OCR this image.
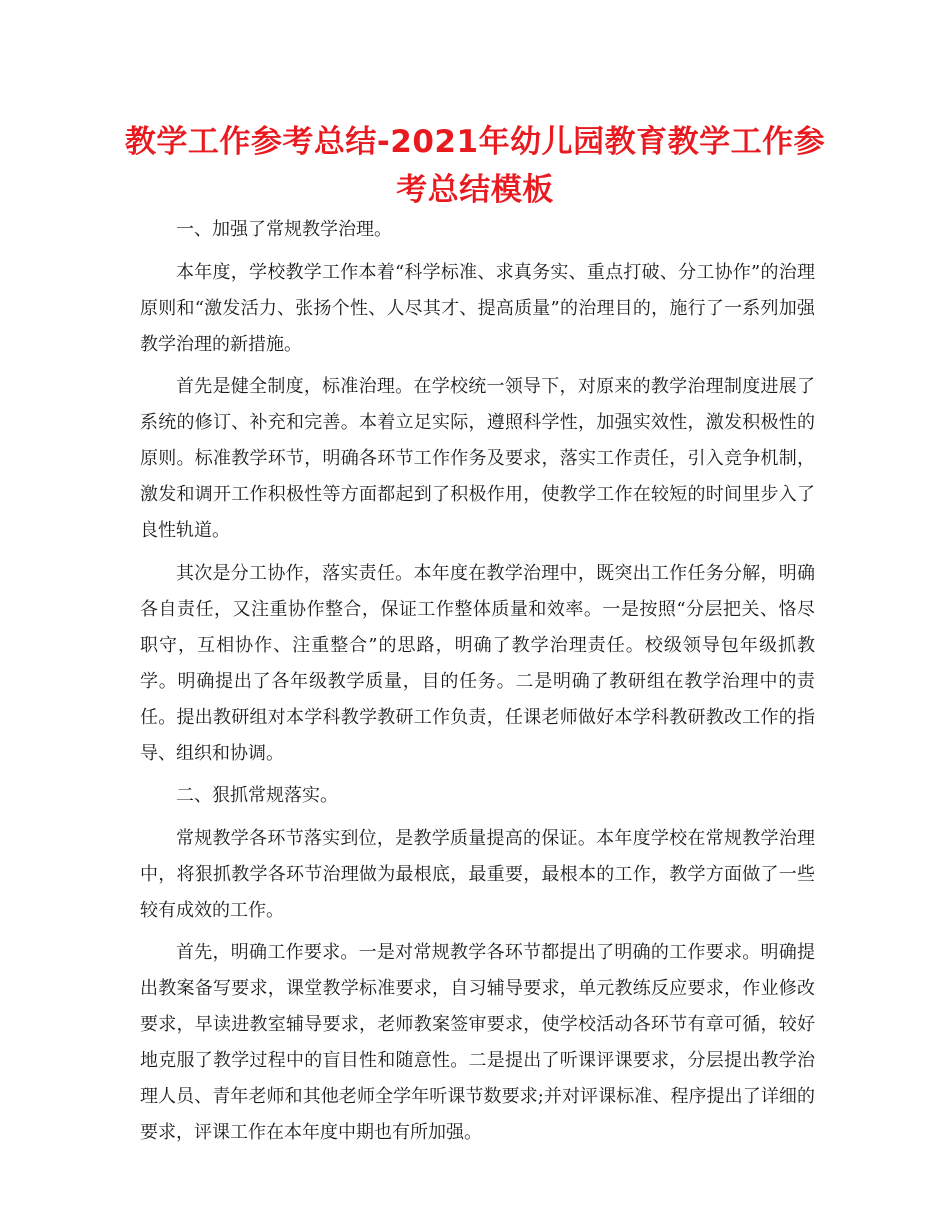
教学工作参考总结-2021年幼儿园教育教学工作参考总结模板

一、加强了常规教学治理。

本年度，学校教学工作本着“科学标准、求真务实、重点打破、分工协作”的治理原则和“激发活力、张扬个性、人尽其才、提高质量”的治理目的，施行了一系列加强教学治理的新措施。

首先是健全制度，标准治理。在学校统一领导下，对原来的教学治理制度进展了系统的修订、补充和完善。本着立足实际，遵照科学性，加强实效性，激发积极性的原则。标准教学环节，明确各环节工作作务及要求，落实工作责任，引入竞争机制，激发和调开工作积极性等方面都起到了积极作用，使教学工作在较短的时间里步入了良性轨道。

其次是分工协作，落实责任。本年度在教学治理中，既突出工作任务分解，明确各自责任，又注重协作整合，保证工作整体质量和效率。一是按照“分层把关、恪尽职守，互相协作、注重整合”的思路，明确了教学治理责任。校级领导包年级抓教学。明确提出了各年级教学质量，目的任务。二是明确了教研组在教学治理中的责任。提出教研组对本学科教学教研工作负责，任课老师做好本学科教研教改工作的指导、组织和协调。

二、狠抓常规落实。

常规教学各环节落实到位，是教学质量提高的保证。本年度学校在常规教学治理中，将狠抓教学各环节治理做为最根底，最重要，最根本的工作，教学方面做了一些较有成效的工作。

首先，明确工作要求。一是对常规教学各环节都提出了明确的工作要求。明确提出教案备写要求，课堂教学标准要求，自习辅导要求，单元教练反应要求，作业修改要求，早读进教室辅导要求，老师教案签审要求，使学校活动各环节有章可循，较好地克服了教学过程中的盲目性和随意性。二是提出了听课评课要求，分层提出教学治理人员、青年老师和其他老师全学年听课节数要求;并对评课标准、程序提出了详细的要求，评课工作在本年度中期也有所加强。
